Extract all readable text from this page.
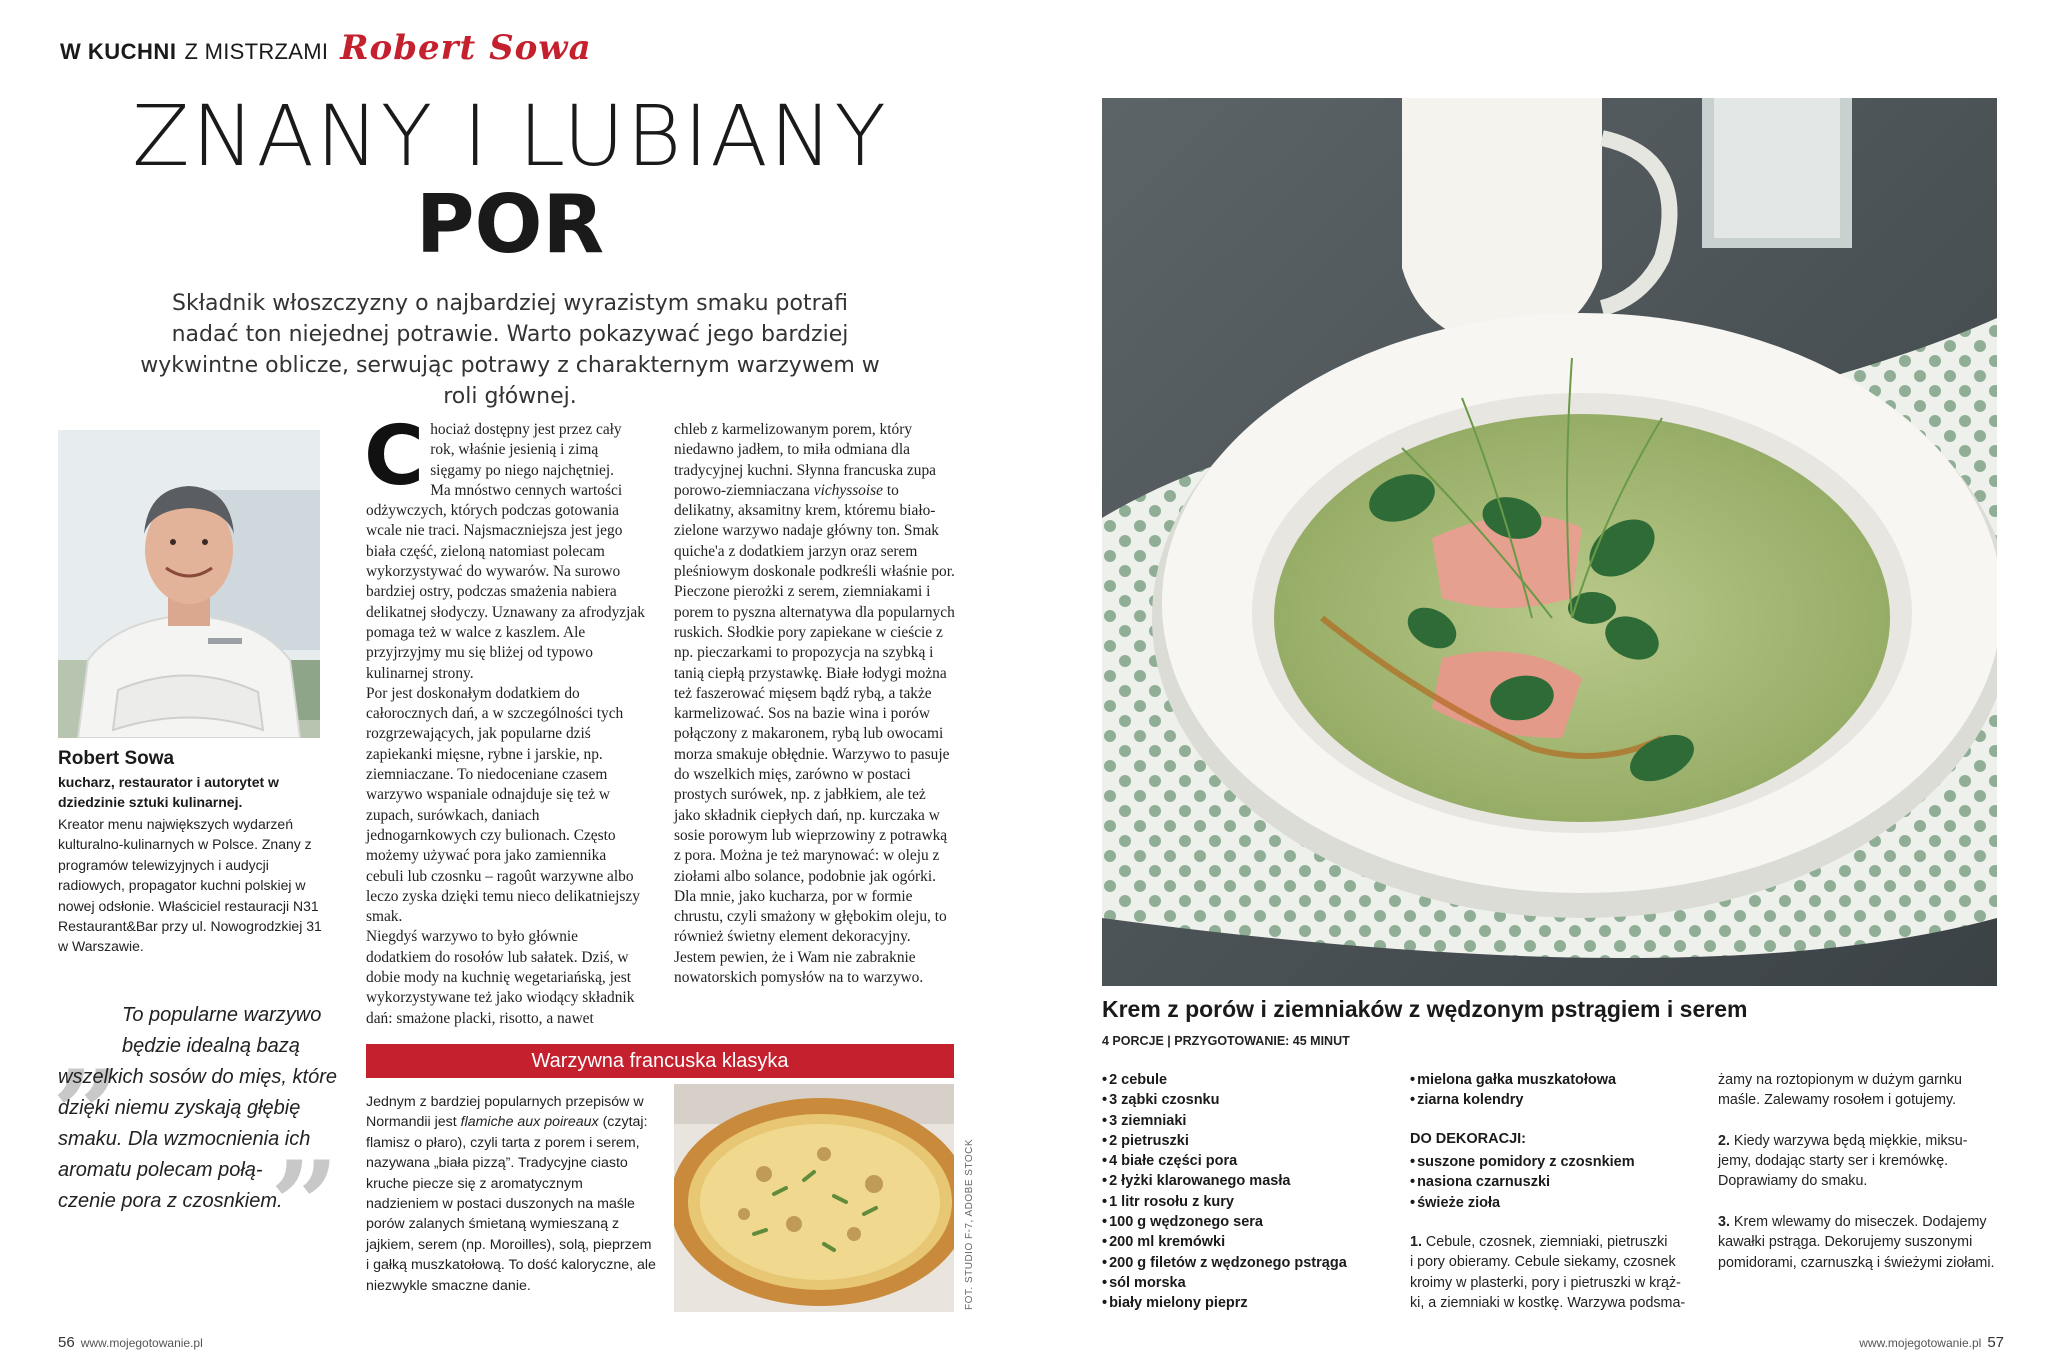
W KUCHNI Z MISTRZAMI Robert Sowa
ZNANY I LUBIANY
POR
Składnik włoszczyzny o najbardziej wyrazistym smaku potrafi nadać ton niejednej potrawie. Warto pokazywać jego bardziej wykwintne oblicze, serwując potrawy z charakternym warzywem w roli głównej.
Robert Sowa
kucharz, restaurator i autorytet w dziedzinie sztuki kulinarnej.
Kreator menu największych wydarzeń kulturalno-kulinarnych w Polsce. Znany z programów telewizyjnych i audycji radiowych, propagator kuchni polskiej w nowej odsłonie. Właściciel restauracji N31 Restaurant&Bar przy ul. Nowogrodzkiej 31 w Warszawie.
„
”
To popularne warzywo
będzie idealną bazą
wszelkich sosów do mięs, które
dzięki niemu zyskają głębię
smaku. Dla wzmocnienia ich
aromatu polecam połą-
czenie pora z czosnkiem.

Chociaż dostępny jest przez cały rok, właśnie jesienią i zimą sięgamy po niego najchętniej.

Ma mnóstwo cennych wartości odżywczych, których podczas gotowania wcale nie traci. Najsmaczniejsza jest jego biała część, zieloną natomiast polecam wykorzystywać do wywarów. Na surowo bardziej ostry, podczas smażenia nabiera delikatnej słodyczy. Uznawany za afrodyzjak pomaga też w walce z kaszlem. Ale przyjrzyjmy mu się bliżej od typowo kulinarnej strony.

Por jest doskonałym dodatkiem do całorocznych dań, a w szczególności tych rozgrzewających, jak popularne dziś zapiekanki mięsne, rybne i jarskie, np. ziemniaczane. To niedoceniane czasem warzywo wspaniale odnajduje się też w zupach, surówkach, daniach jednogarnkowych czy bulionach. Często możemy używać pora jako zamiennika cebuli lub czosnku – ragoût warzywne albo leczo zyska dzięki temu nieco delikatniejszy smak.

Niegdyś warzywo to było głównie dodatkiem do rosołów lub sałatek. Dziś, w dobie mody na kuchnię wegetariańską, jest wykorzystywane też jako wiodący składnik dań: smażone placki, risotto, a nawet

chleb z karmelizowanym porem, który niedawno jadłem, to miła odmiana dla tradycyjnej kuchni. Słynna francuska zupa porowo-ziemniaczana vichyssoise to delikatny, aksamitny krem, któremu biało-zielone warzywo nadaje główny ton. Smak quiche'a z dodatkiem jarzyn oraz serem pleśniowym doskonale podkreśli właśnie por. Pieczone pierożki z serem, ziemniakami i porem to pyszna alternatywa dla popularnych ruskich. Słodkie pory zapiekane w cieście z np. pieczarkami to propozycja na szybką i tanią ciepłą przystawkę. Białe łodygi można też faszerować mięsem bądź rybą, a także karmelizować. Sos na bazie wina i porów połączony z makaronem, rybą lub owocami morza smakuje obłędnie. Warzywo to pasuje do wszelkich mięs, zarówno w postaci prostych surówek, np. z jabłkiem, ale też jako składnik ciepłych dań, np. kurczaka w sosie porowym lub wieprzowiny z potrawką z pora. Można je też marynować: w oleju z ziołami albo solance, podobnie jak ogórki.

Dla mnie, jako kucharza, por w formie chrustu, czyli smażony w głębokim oleju, to również świetny element dekoracyjny. Jestem pewien, że i Wam nie zabraknie nowatorskich pomysłów na to warzywo.

Warzywna francuska klasyka
Jednym z bardziej popularnych przepisów w Normandii jest flamiche aux poireaux (czytaj: flamisz o płaro), czyli tarta z porem i serem, nazywana „biała pizzą”. Tradycyjne ciasto kruche piecze się z aromatycznym nadzieniem w postaci duszonych na maśle porów zalanych śmietaną wymieszaną z jajkiem, serem (np. Moroilles), solą, pieprzem i gałką muszkatołową. To dość kaloryczne, ale niezwykle smaczne danie.	FOT. STUDIO F-7, ADOBE STOCK
56 www.mojegotowanie.pl	www.mojegotowanie.pl 57
Krem z porów i ziemniaków z wędzonym pstrągiem i serem
4 PORCJE | PRZYGOTOWANIE: 45 MINUT
• 2 cebule
• 3 ząbki czosnku
• 3 ziemniaki
• 2 pietruszki
• 4 białe części pora
• 2 łyżki klarowanego masła
• 1 litr rosołu z kury
• 100 g wędzonego sera
• 200 ml kremówki
• 200 g filetów z wędzonego pstrąga
• sól morska
• biały mielony pieprz
• mielona gałka muszkatołowa
• ziarna kolendry
DO DEKORACJI:
• suszone pomidory z czosnkiem
• nasiona czarnuszki
• świeże zioła
1. Cebule, czosnek, ziemniaki, pietruszki
i pory obieramy. Cebule siekamy, czosnek
kroimy w plasterki, pory i pietruszki w krąż-
ki, a ziemniaki w kostkę. Warzywa podsma-
żamy na roztopionym w dużym garnku
maśle. Zalewamy rosołem i gotujemy.
2. Kiedy warzywa będą miękkie, miksu-
jemy, dodając starty ser i kremówkę.
Doprawiamy do smaku.
3. Krem wlewamy do miseczek. Dodajemy
kawałki pstrąga. Dekorujemy suszonymi
pomidorami, czarnuszką i świeżymi ziołami.
